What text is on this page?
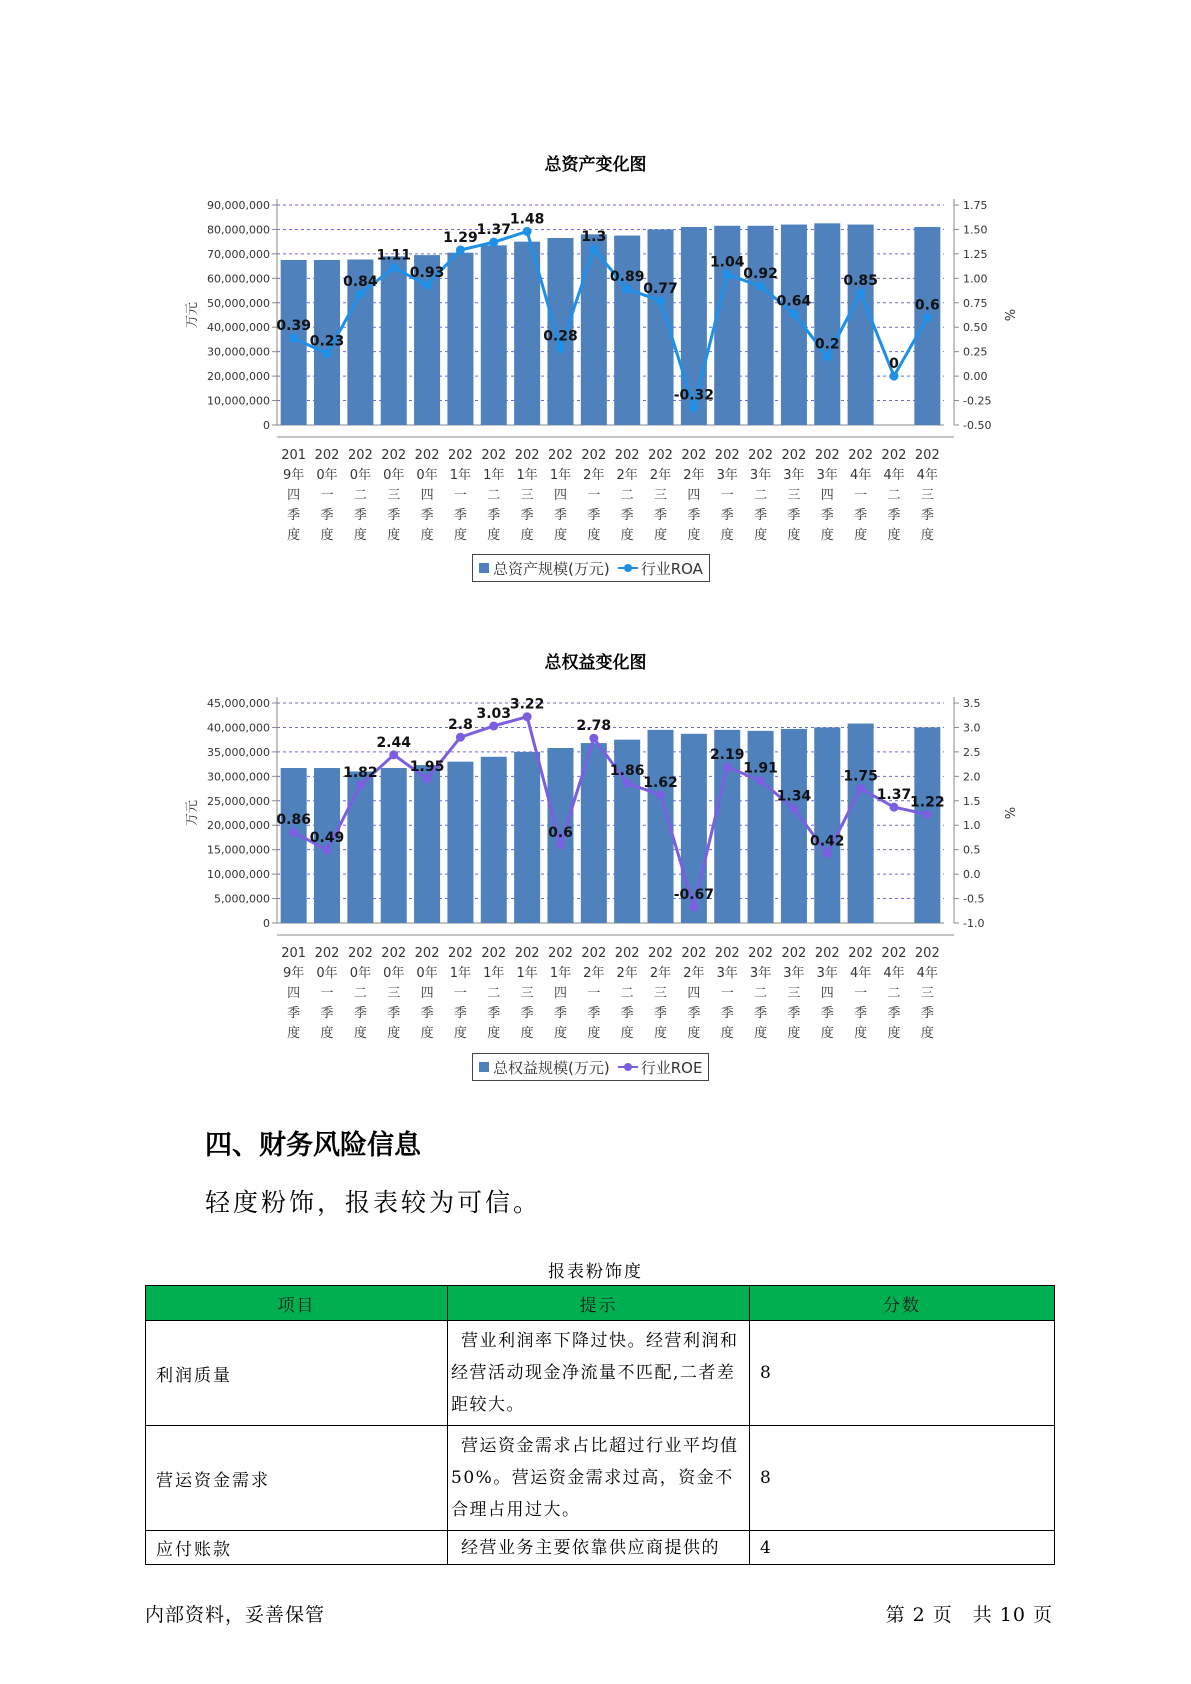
总资产变化图
0
10,000,000
20,000,000
30,000,000
40,000,000
50,000,000
60,000,000
70,000,000
80,000,000
90,000,000
-0.50
-0.25
0.00
0.25
0.50
0.75
1.00
1.25
1.50
1.75
万元	%
0.39
0.23
0.84
1.11
0.93
1.29
1.37
1.48
0.28
1.3
0.89
0.77
-0.32
1.04
0.92
0.64
0.2
0.85
0
0.6
201
9年
四
季
度
202
0年
一
季
度
202
0年
二
季
度
202
0年
三
季
度
202
0年
四
季
度
202
1年
一
季
度
202
1年
二
季
度
202
1年
三
季
度
202
1年
四
季
度
202
2年
一
季
度
202
2年
二
季
度
202
2年
三
季
度
202
2年
四
季
度
202
3年
一
季
度
202
3年
二
季
度
202
3年
三
季
度
202
3年
四
季
度
202
4年
一
季
度
202
4年
二
季
度
202
4年
三
季
度
总资产规模(万元) 行业ROA
总权益变化图
0
5,000,000
10,000,000
15,000,000
20,000,000
25,000,000
30,000,000
35,000,000
40,000,000
45,000,000
-1.0
-0.5
0.0
0.5
1.0
1.5
2.0
2.5
3.0
3.5
万元	%
0.86
0.49
1.82
2.44
1.95
2.8
3.03
3.22
0.6
2.78
1.86
1.62
-0.67
2.19
1.91
1.34
0.42
1.75
1.37
1.22
201
9年
四
季
度
202
0年
一
季
度
202
0年
二
季
度
202
0年
三
季
度
202
0年
四
季
度
202
1年
一
季
度
202
1年
二
季
度
202
1年
三
季
度
202
1年
四
季
度
202
2年
一
季
度
202
2年
二
季
度
202
2年
三
季
度
202
2年
四
季
度
202
3年
一
季
度
202
3年
二
季
度
202
3年
三
季
度
202
3年
四
季
度
202
4年
一
季
度
202
4年
二
季
度
202
4年
三
季
度
总权益规模(万元) 行业ROE
四、财务风险信息
轻度粉饰，报表较为可信。
报表粉饰度
项目	提示	分数
利润质量	营业利润率下降过快。经营利润和经营活动现金净流量不匹配,二者差距较大。	8
营运资金需求	营运资金需求占比超过行业平均值50%。营运资金需求过高，资金不合理占用过大。	8
应付账款	经营业务主要依靠供应商提供的	4
内部资料，妥善保管	第 2 页　共 10 页
